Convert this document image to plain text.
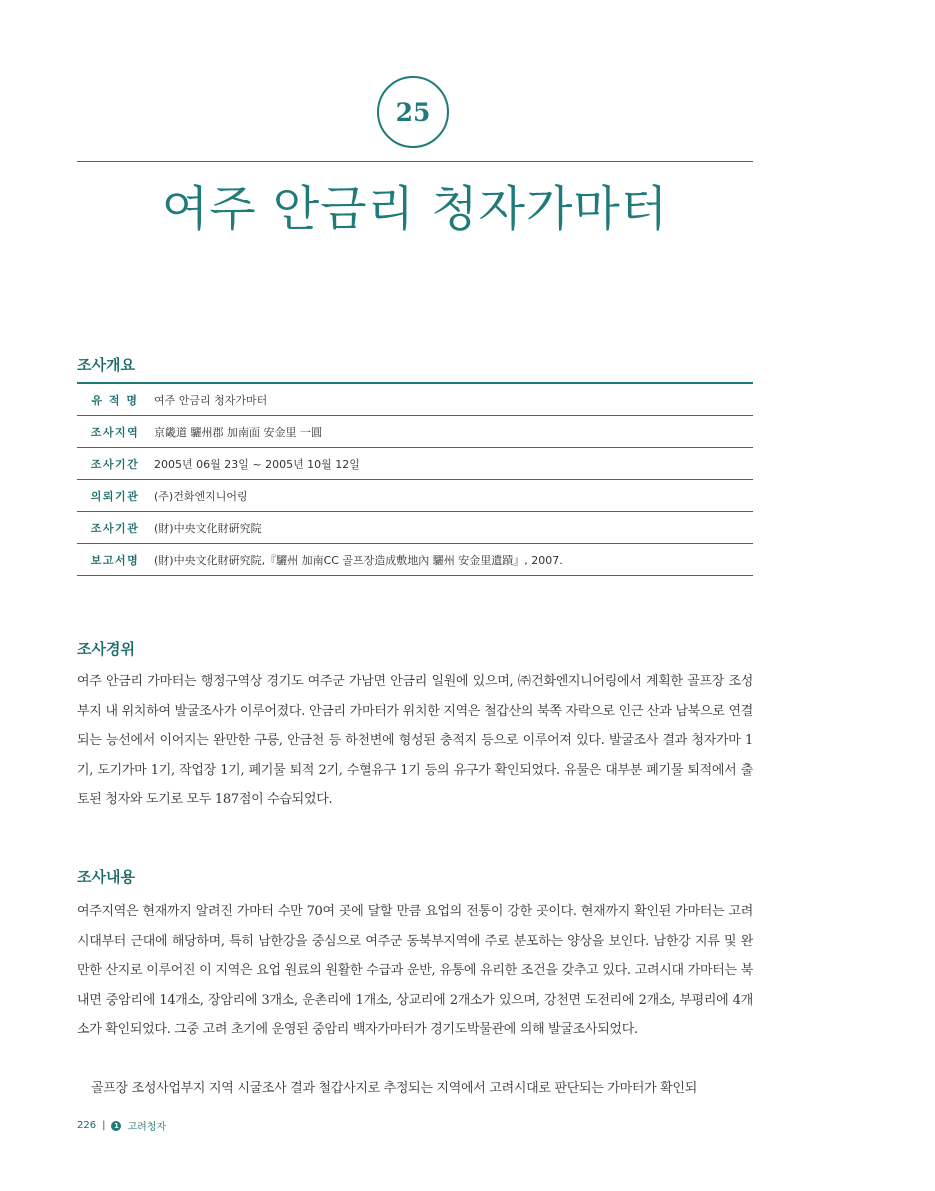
25
여주 안금리 청자가마터
조사개요
유 적 명	여주 안금리 청자가마터
조사지역	京畿道 驪州郡 加南面 安金里 一圓
조사기간	2005년 06월 23일 ~ 2005년 10월 12일
의뢰기관	(주)건화엔지니어링
조사기관	(財)中央文化財硏究院
보고서명	(財)中央文化財硏究院,『驪州 加南CC 골프장造成敷地內 驪州 安金里遺蹟』, 2007.
조사경위

여주 안금리 가마터는 행정구역상 경기도 여주군 가남면 안금리 일원에 있으며, ㈜건화엔지니어링에서 계획한 골프장 조성부지 내 위치하여 발굴조사가 이루어졌다. 안금리 가마터가 위치한 지역은 철갑산의 북쪽 자락으로 인근 산과 남북으로 연결되는 능선에서 이어지는 완만한 구릉, 안금천 등 하천변에 형성된 충적지 등으로 이루어져 있다. 발굴조사 결과 청자가마 1기, 도기가마 1기, 작업장 1기, 폐기물 퇴적 2기, 수혈유구 1기 등의 유구가 확인되었다. 유물은 대부분 폐기물 퇴적에서 출토된 청자와 도기로 모두 187점이 수습되었다.

조사내용

여주지역은 현재까지 알려진 가마터 수만 70여 곳에 달할 만큼 요업의 전통이 강한 곳이다. 현재까지 확인된 가마터는 고려시대부터 근대에 해당하며, 특히 남한강을 중심으로 여주군 동북부지역에 주로 분포하는 양상을 보인다. 남한강 지류 및 완만한 산지로 이루어진 이 지역은 요업 원료의 원활한 수급과 운반, 유통에 유리한 조건을 갖추고 있다. 고려시대 가마터는 북내면 중암리에 14개소, 장암리에 3개소, 운촌리에 1개소, 상교리에 2개소가 있으며, 강천면 도전리에 2개소, 부평리에 4개소가 확인되었다. 그중 고려 초기에 운영된 중암리 백자가마터가 경기도박물관에 의해 발굴조사되었다.

골프장 조성사업부지 지역 시굴조사 결과 철갑사지로 추정되는 지역에서 고려시대로 판단되는 가마터가 확인되

226 |	1 고려청자
